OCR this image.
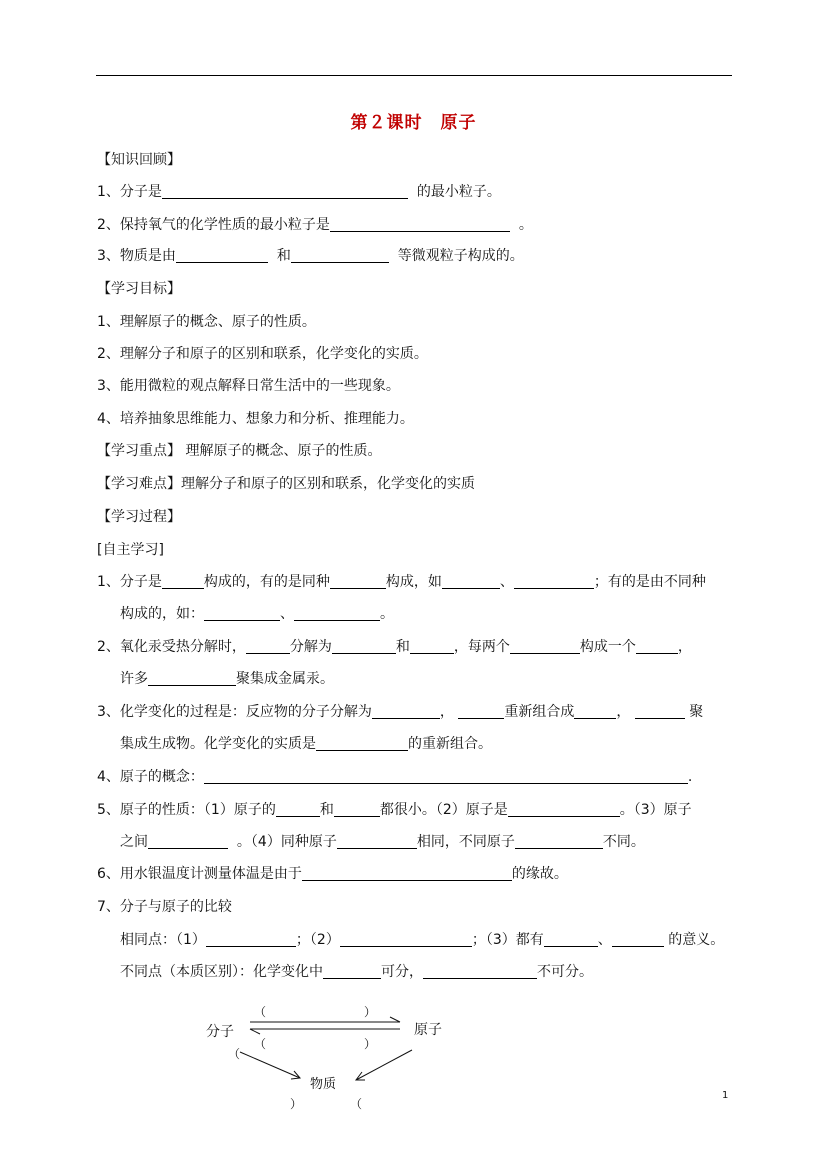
第２课时　原子
【知识回顾】
1、分子是	的最小粒子。
2、保持氧气的化学性质的最小粒子是	。
3、物质是由	和	等微观粒子构成的。
【学习目标】
1、理解原子的概念、原子的性质。
2、理解分子和原子的区别和联系，化学变化的实质。
3、能用微粒的观点解释日常生活中的一些现象。
4、培养抽象思维能力、想象力和分析、推理能力。
【学习重点】 理解原子的概念、原子的性质。
【学习难点】理解分子和原子的区别和联系，化学变化的实质
【学习过程】
[自主学习]
1、分子是	构成的，有的是同种	构成，如	、	；有的是由不同种
构成的，如：	、	。
2、氧化汞受热分解时，	分解为	和	，每两个	构成一个	，
许多	聚集成金属汞。
3、化学变化的过程是：反应物的分子分解为	，	重新组合成	，	聚
集成生成物。化学变化的实质是	的重新组合。
4、原子的概念：	.
5、原子的性质：（1）原子的	和	都很小。（2）原子是	。（3）原子
之间	。（4）同种原子	相同，不同原子	不同。
6、用水银温度计测量体温是由于	的缘故。
7、分子与原子的比较
相同点：（1）	；（2）	；（3）都有	、	的意义。
不同点（本质区别）：化学变化中	可分，	不可分。
分子	原子
（	）
（	）
（
（
）
物质
1
